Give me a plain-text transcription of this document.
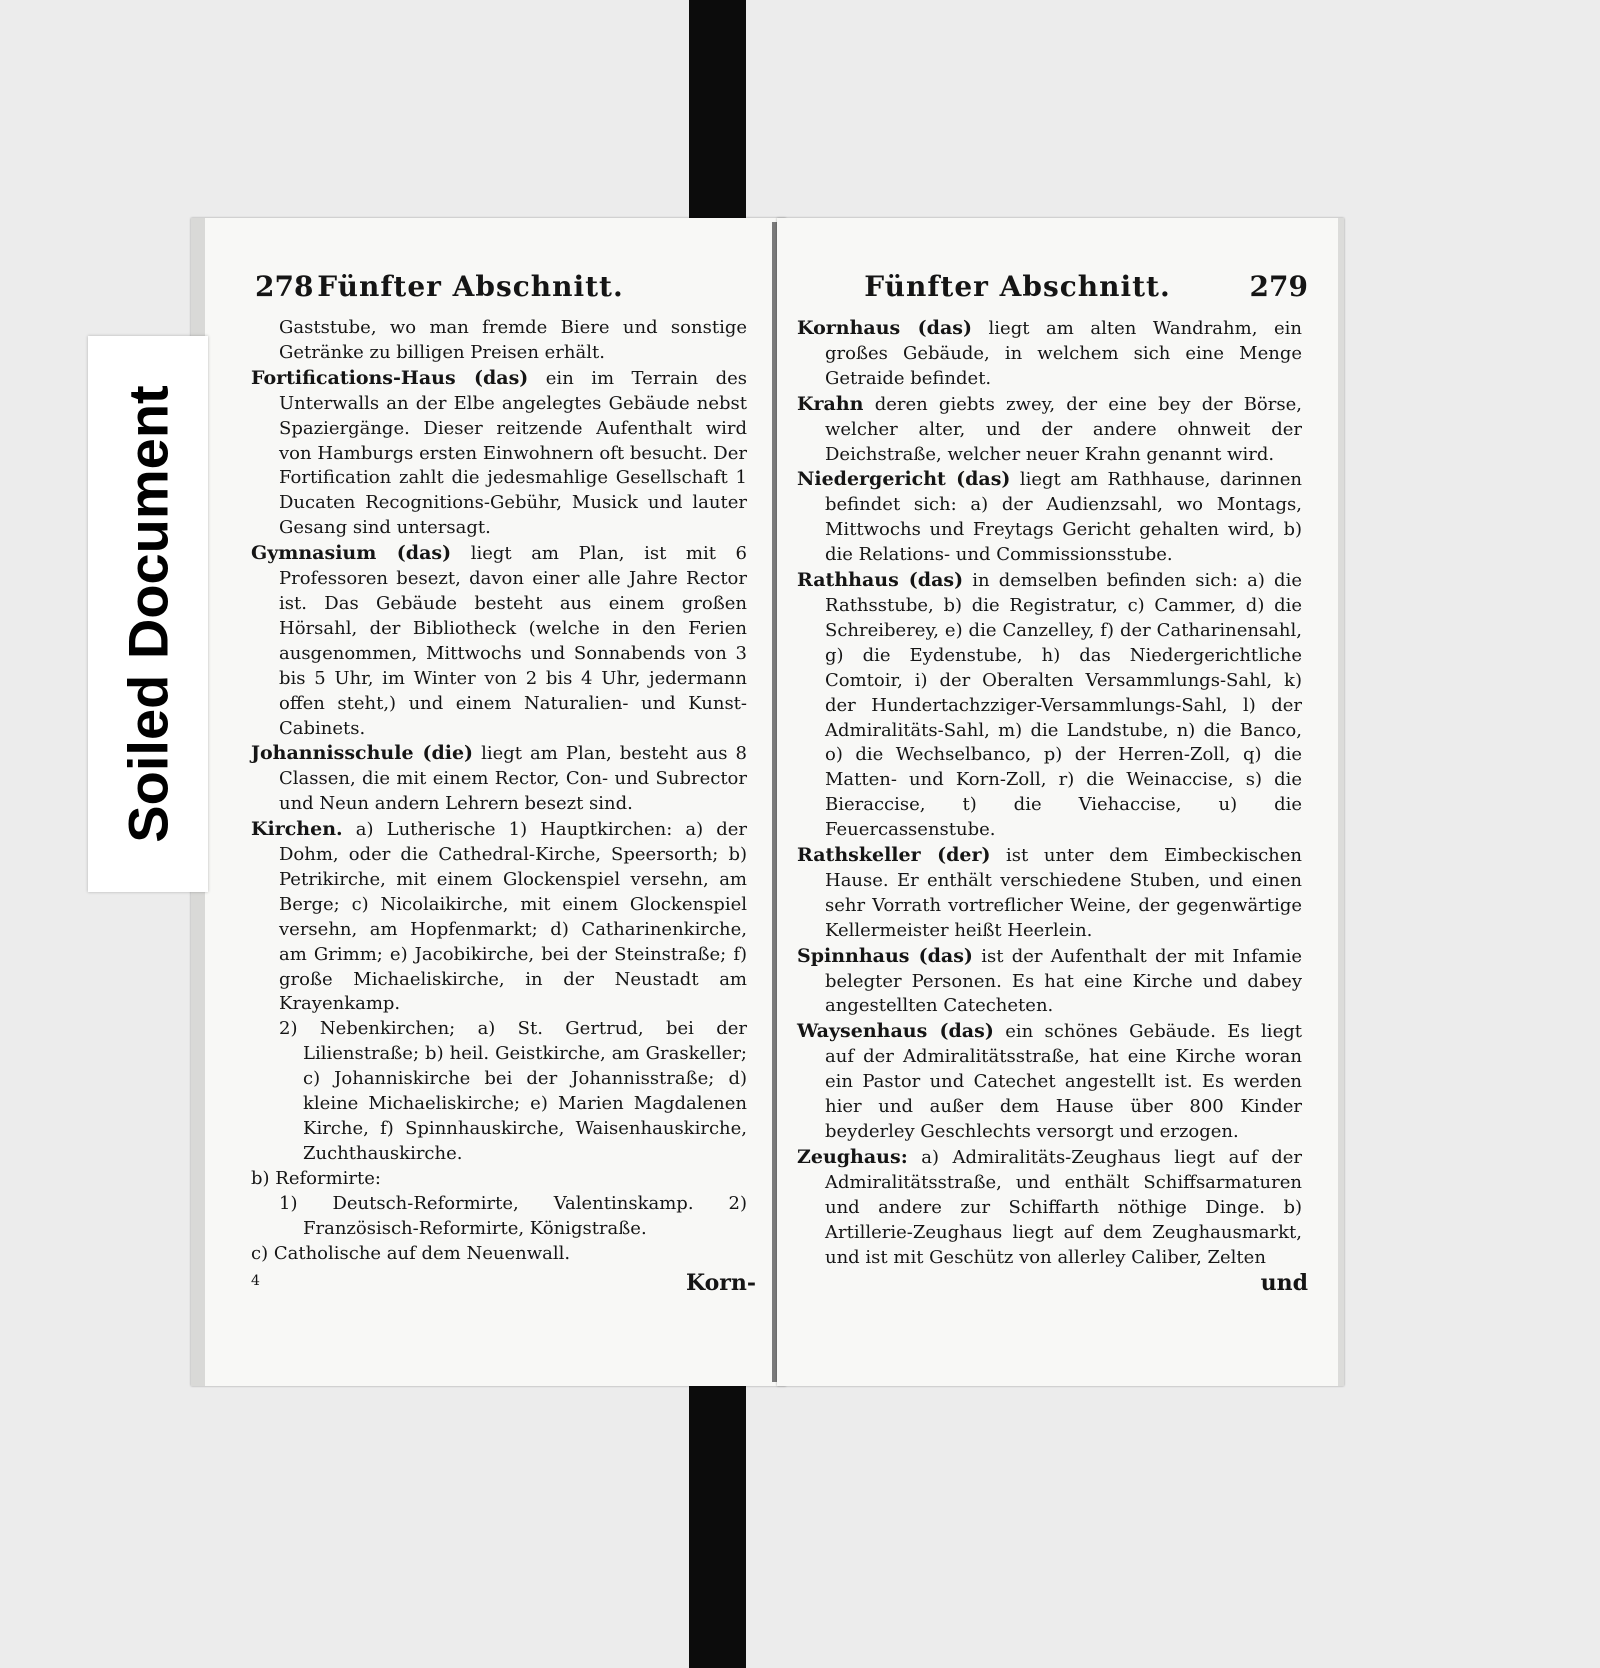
278 Fünfter Abschnitt.

Gaststube, wo man fremde Biere und sonstige Getränke zu billigen Preisen erhält.

Fortifications-Haus (das) ein im Terrain des Unterwalls an der Elbe angelegtes Gebäude nebst Spaziergänge. Dieser reitzende Aufenthalt wird von Hamburgs ersten Einwohnern oft besucht. Der Fortification zahlt die jedesmahlige Gesellschaft 1 Ducaten Recognitions-Gebühr, Musick und lauter Gesang sind untersagt.

Gymnasium (das) liegt am Plan, ist mit 6 Professoren besezt, davon einer alle Jahre Rector ist. Das Gebäude besteht aus einem großen Hörsahl, der Bibliotheck (welche in den Ferien ausgenommen, Mittwochs und Sonnabends von 3 bis 5 Uhr, im Winter von 2 bis 4 Uhr, jedermann offen steht,) und einem Naturalien- und Kunst-Cabinets.

Johannisschule (die) liegt am Plan, besteht aus 8 Classen, die mit einem Rector, Con- und Subrector und Neun andern Lehrern besezt sind.

Kirchen. a) Lutherische 1) Hauptkirchen: a) der Dohm, oder die Cathedral-Kirche, Speersorth; b) Petrikirche, mit einem Glockenspiel versehn, am Berge; c) Nicolaikirche, mit einem Glockenspiel versehn, am Hopfenmarkt; d) Catharinenkirche, am Grimm; e) Jacobikirche, bei der Steinstraße; f) große Michaeliskirche, in der Neustadt am Krayenkamp.

2) Nebenkirchen; a) St. Gertrud, bei der Lilienstraße; b) heil. Geistkirche, am Graskeller; c) Johanniskirche bei der Johannisstraße; d) kleine Michaeliskirche; e) Marien Magdalenen Kirche, f) Spinnhauskirche, Waisenhauskirche, Zuchthauskirche.

b) Reformirte:

1) Deutsch-Reformirte, Valentinskamp. 2) Französisch-Reformirte, Königstraße.

c) Catholische auf dem Neuenwall.

4	Korn-
Fünfter Abschnitt.	279

Kornhaus (das) liegt am alten Wandrahm, ein großes Gebäude, in welchem sich eine Menge Getraide befindet.

Krahn deren giebts zwey, der eine bey der Börse, welcher alter, und der andere ohnweit der Deichstraße, welcher neuer Krahn genannt wird.

Niedergericht (das) liegt am Rathhause, darinnen befindet sich: a) der Audienzsahl, wo Montags, Mittwochs und Freytags Gericht gehalten wird, b) die Relations- und Commissionsstube.

Rathhaus (das) in demselben befinden sich: a) die Rathsstube, b) die Registratur, c) Cammer, d) die Schreiberey, e) die Canzelley, f) der Catharinensahl, g) die Eydenstube, h) das Niedergerichtliche Comtoir, i) der Oberalten Versammlungs-Sahl, k) der Hundertachzziger-Versammlungs-Sahl, l) der Admiralitäts-Sahl, m) die Landstube, n) die Banco, o) die Wechselbanco, p) der Herren-Zoll, q) die Matten- und Korn-Zoll, r) die Weinaccise, s) die Bieraccise, t) die Viehaccise, u) die Feuercassenstube.

Rathskeller (der) ist unter dem Eimbeckischen Hause. Er enthält verschiedene Stuben, und einen sehr Vorrath vortreflicher Weine, der gegenwärtige Kellermeister heißt Heerlein.

Spinnhaus (das) ist der Aufenthalt der mit Infamie belegter Personen. Es hat eine Kirche und dabey angestellten Catecheten.

Waysenhaus (das) ein schönes Gebäude. Es liegt auf der Admiralitätsstraße, hat eine Kirche woran ein Pastor und Catechet angestellt ist. Es werden hier und außer dem Hause über 800 Kinder beyderley Geschlechts versorgt und erzogen.

Zeughaus: a) Admiralitäts-Zeughaus liegt auf der Admiralitätsstraße, und enthält Schiffsarmaturen und andere zur Schiffarth nöthige Dinge. b) Artillerie-Zeughaus liegt auf dem Zeughausmarkt, und ist mit Geschütz von allerley Caliber, Zelten

und
Soiled Document
